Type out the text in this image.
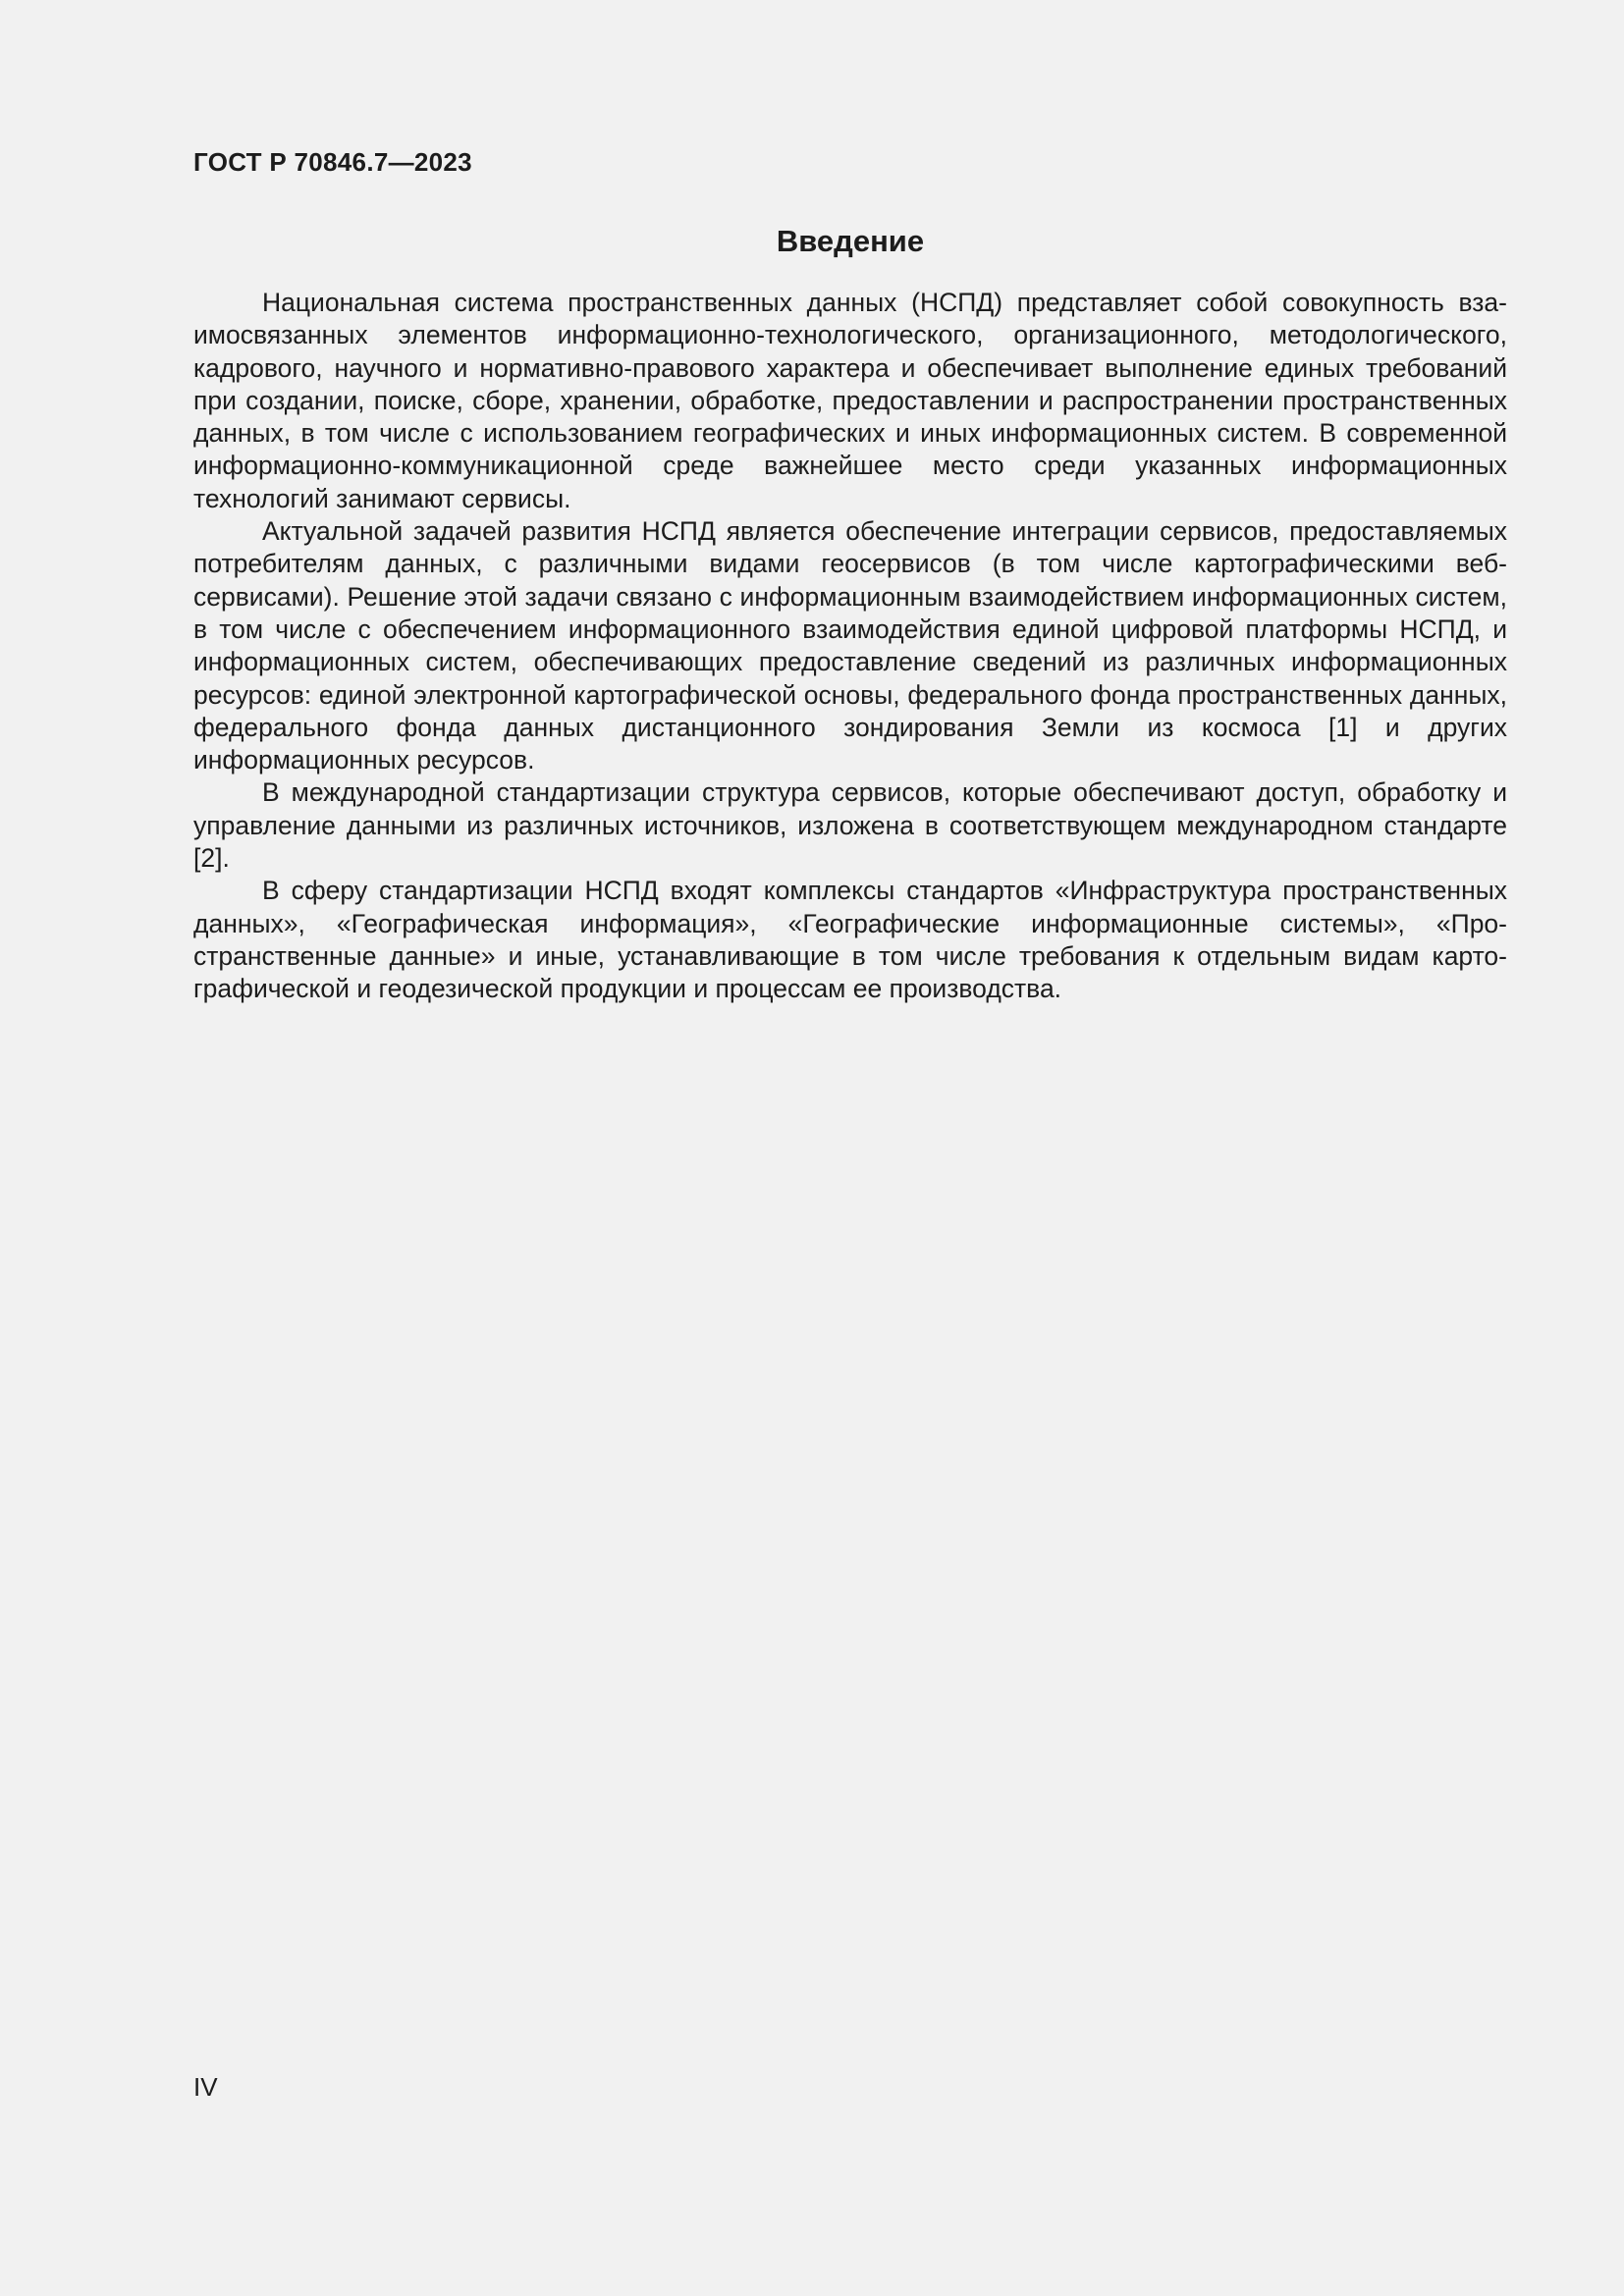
ГОСТ Р 70846.7—2023
Введение

Национальная система пространственных данных (НСПД) представляет собой совокупность взаимосвязанных элементов информационно-технологического, организационного, методологического, кадрового, научного и нормативно-правового характера и обеспечивает выполнение единых требований при создании, поиске, сборе, хранении, обработке, предоставлении и распространении пространственных данных, в том числе с использованием географических и иных информационных систем. В современной информационно-коммуникационной среде важнейшее место среди указанных информационных технологий занимают сервисы.

Актуальной задачей развития НСПД является обеспечение интеграции сервисов, предоставляемых потребителям данных, с различными видами геосервисов (в том числе картографическими веб-сервисами). Решение этой задачи связано с информационным взаимодействием информационных систем, в том числе с обеспечением информационного взаимодействия единой цифровой платформы НСПД, и информационных систем, обеспечивающих предоставление сведений из различных информационных ресурсов: единой электронной картографической основы, федерального фонда пространственных данных, федерального фонда данных дистанционного зондирования Земли из космоса [1] и других информационных ресурсов.

В международной стандартизации структура сервисов, которые обеспечивают доступ, обработку и управление данными из различных источников, изложена в соответствующем международном стандарте [2].

В сферу стандартизации НСПД входят комплексы стандартов «Инфраструктура пространственных данных», «Географическая информация», «Географические информационные системы», «Пространственные данные» и иные, устанавливающие в том числе требования к отдельным видам картографической и геодезической продукции и процессам ее производства.

IV
